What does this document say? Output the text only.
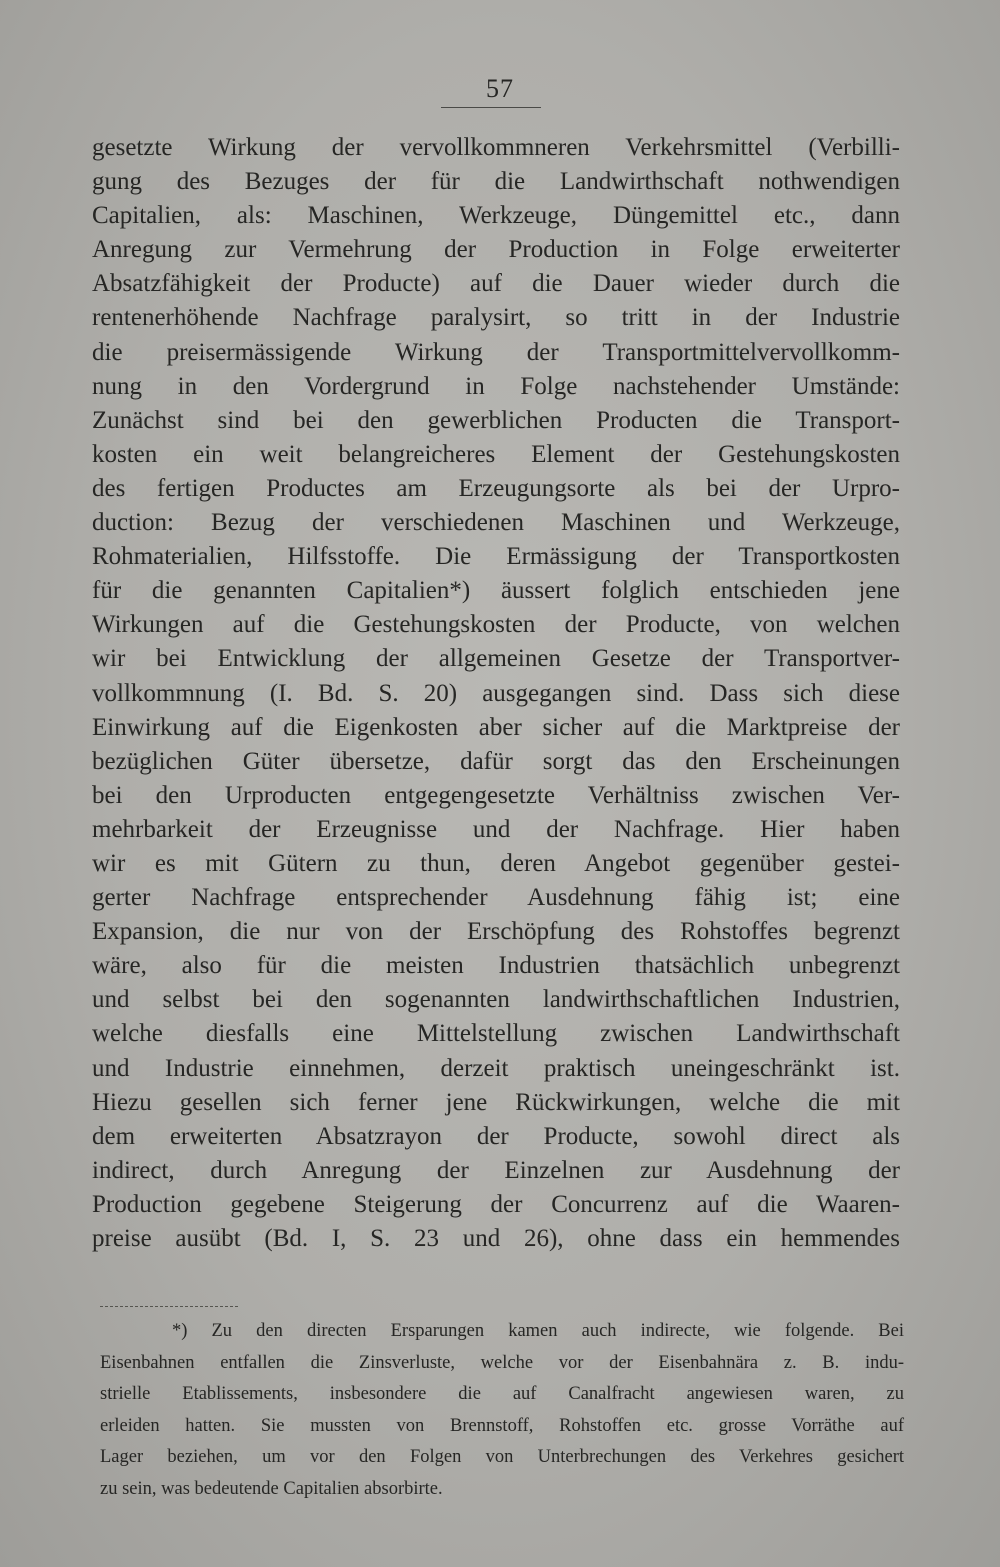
57
gesetzte Wirkung der vervollkommneren Verkehrsmittel (Verbilli-
gung des Bezuges der für die Landwirthschaft nothwendigen
Capitalien, als: Maschinen, Werkzeuge, Düngemittel etc., dann
Anregung zur Vermehrung der Production in Folge erweiterter
Absatzfähigkeit der Producte) auf die Dauer wieder durch die
rentenerhöhende Nachfrage paralysirt, so tritt in der Industrie
die preisermässigende Wirkung der Transportmittelvervollkomm-
nung in den Vordergrund in Folge nachstehender Umstände:
Zunächst sind bei den gewerblichen Producten die Transport-
kosten ein weit belangreicheres Element der Gestehungskosten
des fertigen Productes am Erzeugungsorte als bei der Urpro-
duction: Bezug der verschiedenen Maschinen und Werkzeuge,
Rohmaterialien, Hilfsstoffe. Die Ermässigung der Transportkosten
für die genannten Capitalien*) äussert folglich entschieden jene
Wirkungen auf die Gestehungskosten der Producte, von welchen
wir bei Entwicklung der allgemeinen Gesetze der Transportver-
vollkommnung (I. Bd. S. 20) ausgegangen sind. Dass sich diese
Einwirkung auf die Eigenkosten aber sicher auf die Marktpreise der
bezüglichen Güter übersetze, dafür sorgt das den Erscheinungen
bei den Urproducten entgegengesetzte Verhältniss zwischen Ver-
mehrbarkeit der Erzeugnisse und der Nachfrage. Hier haben
wir es mit Gütern zu thun, deren Angebot gegenüber gestei-
gerter Nachfrage entsprechender Ausdehnung fähig ist; eine
Expansion, die nur von der Erschöpfung des Rohstoffes begrenzt
wäre, also für die meisten Industrien thatsächlich unbegrenzt
und selbst bei den sogenannten landwirthschaftlichen Industrien,
welche diesfalls eine Mittelstellung zwischen Landwirthschaft
und Industrie einnehmen, derzeit praktisch uneingeschränkt ist.
Hiezu gesellen sich ferner jene Rückwirkungen, welche die mit
dem erweiterten Absatzrayon der Producte, sowohl direct als
indirect, durch Anregung der Einzelnen zur Ausdehnung der
Production gegebene Steigerung der Concurrenz auf die Waaren-
preise ausübt (Bd. I, S. 23 und 26), ohne dass ein hemmendes
*) Zu den directen Ersparungen kamen auch indirecte, wie folgende. Bei
Eisenbahnen entfallen die Zinsverluste, welche vor der Eisenbahnära z. B. indu-
strielle Etablissements, insbesondere die auf Canalfracht angewiesen waren, zu
erleiden hatten. Sie mussten von Brennstoff, Rohstoffen etc. grosse Vorräthe auf
Lager beziehen, um vor den Folgen von Unterbrechungen des Verkehres gesichert
zu sein, was bedeutende Capitalien absorbirte.
